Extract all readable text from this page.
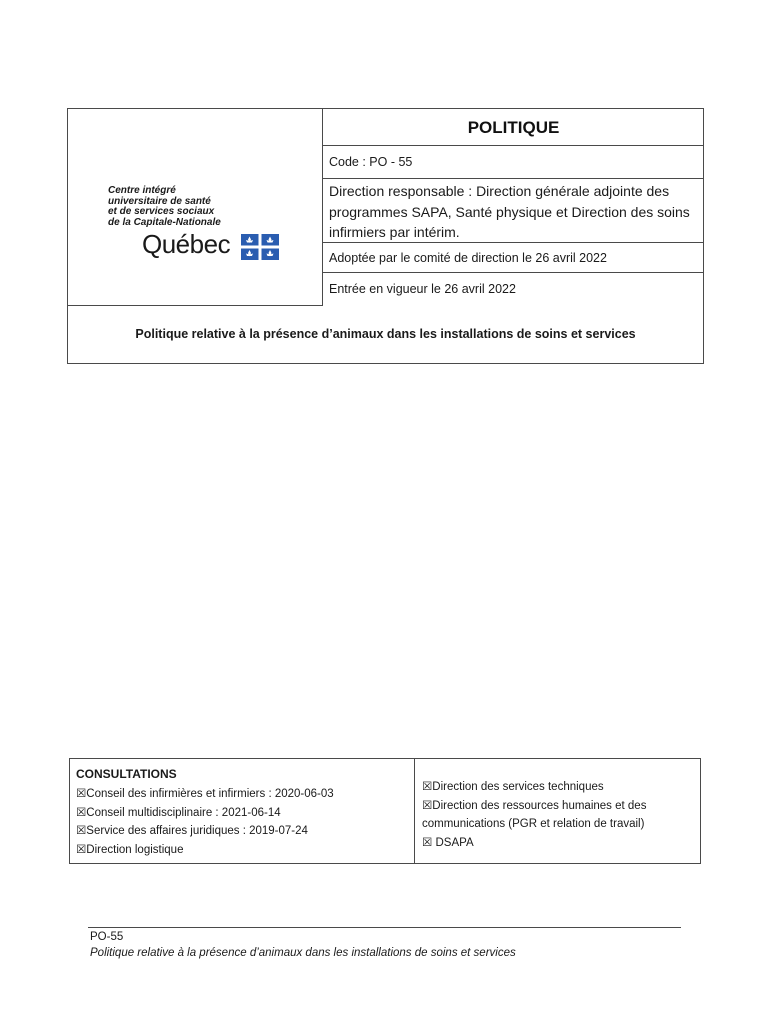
Centre intégré
universitaire de santé
et de services sociaux
de la Capitale-Nationale
Québec
POLITIQUE
Code : PO - 55
Direction responsable : Direction générale adjointe des programmes SAPA, Santé physique et Direction des soins infirmiers par intérim.
Adoptée par le comité de direction le 26 avril 2022
Entrée en vigueur le 26 avril 2022
Politique relative à la présence d’animaux dans les installations de soins et services
CONSULTATIONS
☒Conseil des infirmières et infirmiers : 2020-06-03
☒Conseil multidisciplinaire : 2021-06-14
☒Service des affaires juridiques : 2019-07-24
☒Direction logistique
☒Direction des services techniques
☒Direction des ressources humaines et des communications (PGR et relation de travail)
☒ DSAPA
PO-55
Politique relative à la présence d’animaux dans les installations de soins et services
